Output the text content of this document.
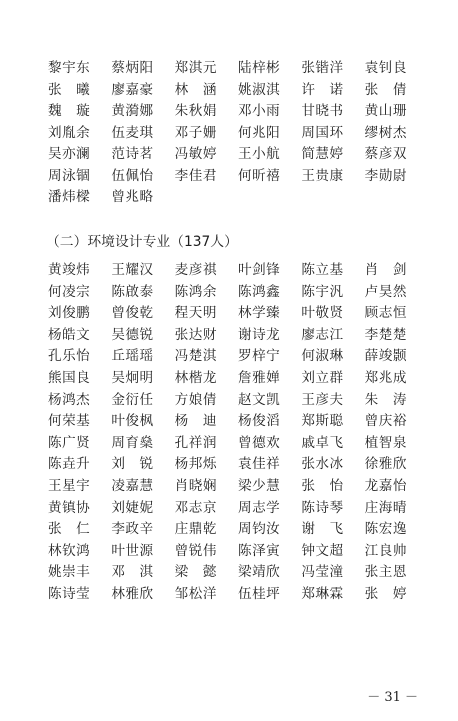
黎宇东	蔡炳阳	郑淇元	陆梓彬	张锴洋	袁钊良
张　曦	廖嘉豪	林　涵	姚淑淇	许　诺	张　倩
魏　璇	黄漪娜	朱秋娟	邓小雨	甘晓书	黄山珊
刘胤余	伍麦琪	邓子姗	何兆阳	周国环	缪树杰
吴亦澜	范诗茗	冯敏婷	王小航	简慧婷	蔡彦双
周泳锢	伍佩怡	李佳君	何昕禧	王贵康	李勋尉
潘炜樑	曾兆略
（二）环境设计专业（137人）
黄竣炜	王耀汉	麦彦祺	叶剑锋	陈立基	肖　剑
何凌宗	陈啟泰	陈鸿余	陈鸿鑫	陈宇汎	卢昊然
刘俊鹏	曾俊乾	程天明	林学臻	叶敬贤	顾志恒
杨皓文	吴德锐	张达财	谢诗龙	廖志江	李楚楚
孔乐怡	丘瑶瑶	冯楚淇	罗梓宁	何淑琳	薛竣颢
熊国良	吴炯明	林楷龙	詹雅婵	刘立群	郑兆成
杨鸿杰	金衍任	方娘倩	赵文凯	王彦夫	朱　涛
何荣基	叶俊枫	杨　迪	杨俊滔	郑斯聪	曾庆裕
陈广贤	周育燊	孔祥润	曾德欢	戚卓飞	植智泉
陈垚升	刘　锐	杨邦烁	袁佳祥	张水冰	徐雅欣
王星宇	凌嘉慧	肖晓娴	梁少慧	张　怡	龙嘉怡
黄镇协	刘婕妮	邓志京	周志学	陈诗琴	庄海晴
张　仁	李政辛	庄鼎乾	周钧汝	谢　飞	陈宏逸
林钦鸿	叶世源	曾锐伟	陈泽寅	钟文超	江良帅
姚崇丰	邓　淇	梁　懿	梁靖欣	冯莹潼	张主恩
陈诗莹	林雅欣	邹松洋	伍桂坪	郑琳霖	张　婷
－ 31 －
